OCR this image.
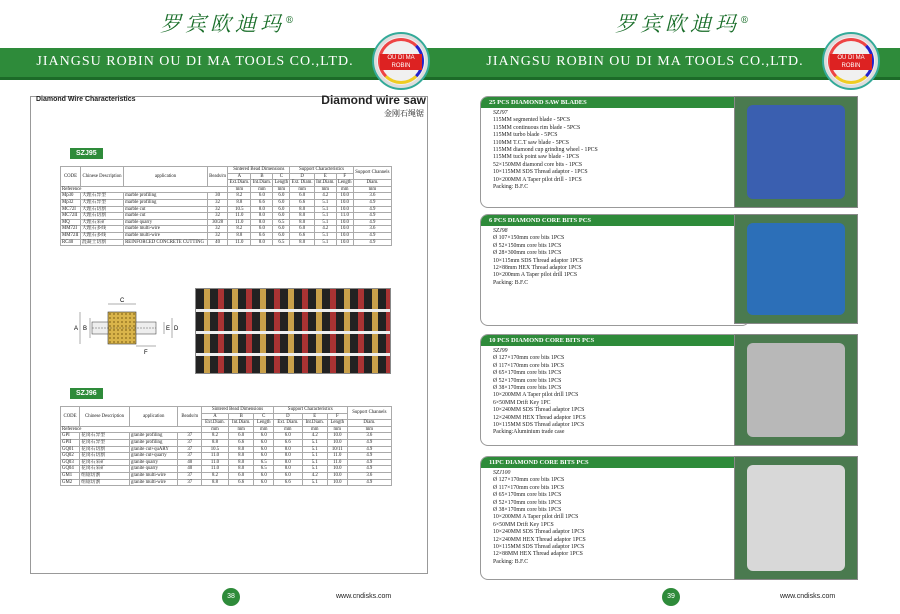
罗宾欧迪玛®
JIANGSU ROBIN OU DI MA TOOLS CO.,LTD.	OU DI MA ROBIN
Diamond Wire Characteristics	Diamond wire saw
金刚石绳锯
SZJ95
CODE	Chinese Description	application	Beads/m	Sintered Bead Dimensions			Support Characteristics			Support Channels
				A	B	C	D	E	F	
				Ext.Diam.	Int.Diam.	Length	Ext. Diam.	Int.Diam.	Length	Diam.
Reference				mm	mm	mm	mm	mm	mm	mm
Mp30	大理石异型	marble profiling	30	8.2	6.0	6.0	6.0	4.2	10.0	3.6
Mp32	大理石异型	marble profiling	32	8.8	6.6	6.0	6.6	5.1	10.0	4.9
MC72I	大理石切割	marble cut	32	10.5	8.0	6.0	8.0	5.1	10.0	4.9
MC72II	大理石切割	marble cut	32	11.0	8.0	6.0	8.0	5.1	11.0	4.9
MQ	大理石采矿	marble quarry	30/28	11.0	8.0	6.5	8.0	5.1	10.0	4.9
MM72I	大理石多线	marble multi-wire	32	8.2	6.0	6.0	6.0	4.2	10.0	3.6
MM72II	大理石多线	marble multi-wire	32	8.8	6.6	6.0	6.6	5.1	10.0	4.9
RC40	混凝土切割	REINFORCED CONCRETE CUTTING	40	11.0	8.0	6.5	8.0	5.1	10.0	4.9
C
A B	E D
F
SZJ96
CODE	Chinese Description	application	Beads/m	Sintered Bead Dimensions			Support Characteristics			Support Channels
				A	B	C	D	E	F	
				Ext.Diam.	Int.Diam.	Length	Ext. Diam.	Int.Diam.	Length	Diam.
Reference				mm	mm	mm	mm	mm	mm	mm
GPI	花岗石异型	granite profiling	37	8.2	6.0	6.0	6.0	4.2	10.0	3.6
GPII	花岗石异型	granite profiling	37	8.8	6.6	6.0	6.6	5.1	10.0	4.9
GQ01	花岗石切割	granite cut+quARY	37	10.5	8.0	6.0	8.0	5.1	10/11	4.9
GQ02	花岗石切割	granite cut+quarry	37	11.0	8.0	6.0	8.0	5.1	11.0	4.9
GQ03	花岗石采矿	granite quarry	40	11.0	8.0	6.5	8.0	5.1	11.0	4.9
GQ04	花岗石采矿	granite quarry	40	11.0	8.0	6.5	8.0	5.1	10.0	4.9
GM1	组锯切割	granite multi-wire	37	8.2	6.0	6.0	6.0	4.2	10.0	3.6
GM2	组锯切割	granite multi-wire	37	8.8	6.6	6.0	6.6	5.1	10.0	4.9
38	www.cndisks.com
罗宾欧迪玛®
JIANGSU ROBIN OU DI MA TOOLS CO.,LTD.	OU DI MA ROBIN
25 PCS DIAMOND SAW BLADES
SZJ97
115MM segmented blade - 5PCS
115MM continuous rim blade - 5PCS
115MM turbo blade - 5PCS
110MM T.C.T saw blade - 5PCS
115MM diamond cup grinding wheel - 1PCS
115MM tuck point saw blade - 1PCS
52×150MM diamond core bits - 1PCS
10×115MM SDS Thread adaptor - 1PCS
10×200MM A Taper pilot drill - 1PCS
Packing: B.F.C
6 PCS DIAMOND CORE BITS PCS
SZJ98
Ø 107×150mm core bits 1PCS
Ø 52×150mm core bits 1PCS
Ø 28×300mm core bits 1PCS
10×115mm SDS Thread adaptor 1PCS
12×88mm HEX Thread adaptor 1PCS
10×200mm A Taper pilot drill 1PCS
Packing: B.F.C
10 PCS DIAMOND CORE BITS PCS
SZJ99
Ø 127×170mm core bits 1PCS
Ø 117×170mm core bits 1PCS
Ø 65×170mm core bits 1PCS
Ø 52×170mm core bits 1PCS
Ø 38×170mm core bits 1PCS
10×200MM A Taper pilot drill 1PCS
6×50MM Drift Key 1PC
10×240MM SDS Thread adaptor 1PCS
12×240MM HEX Thread adaptor 1PCS
10×115MM SDS Thread adaptor 1PCS
Packing:Aluminium trade case
11PC DIAMOND CORE BITS PCS
SZJ100
Ø 127×170mm core bits 1PCS
Ø 117×170mm core bits 1PCS
Ø 65×170mm core bits 1PCS
Ø 52×170mm core bits 1PCS
Ø 38×170mm core bits 1PCS
10×200MM A Taper pilot drill 1PCS
6×50MM Drift Key 1PCS
10×240MM SDS Thread adaptor 1PCS
12×240MM HEX Thread adaptor 1PCS
10×115MM SDS Thread adaptor 1PCS
12×88MM HEX Thread adaptor 1PCS
Packing: B.F.C
39	www.cndisks.com
